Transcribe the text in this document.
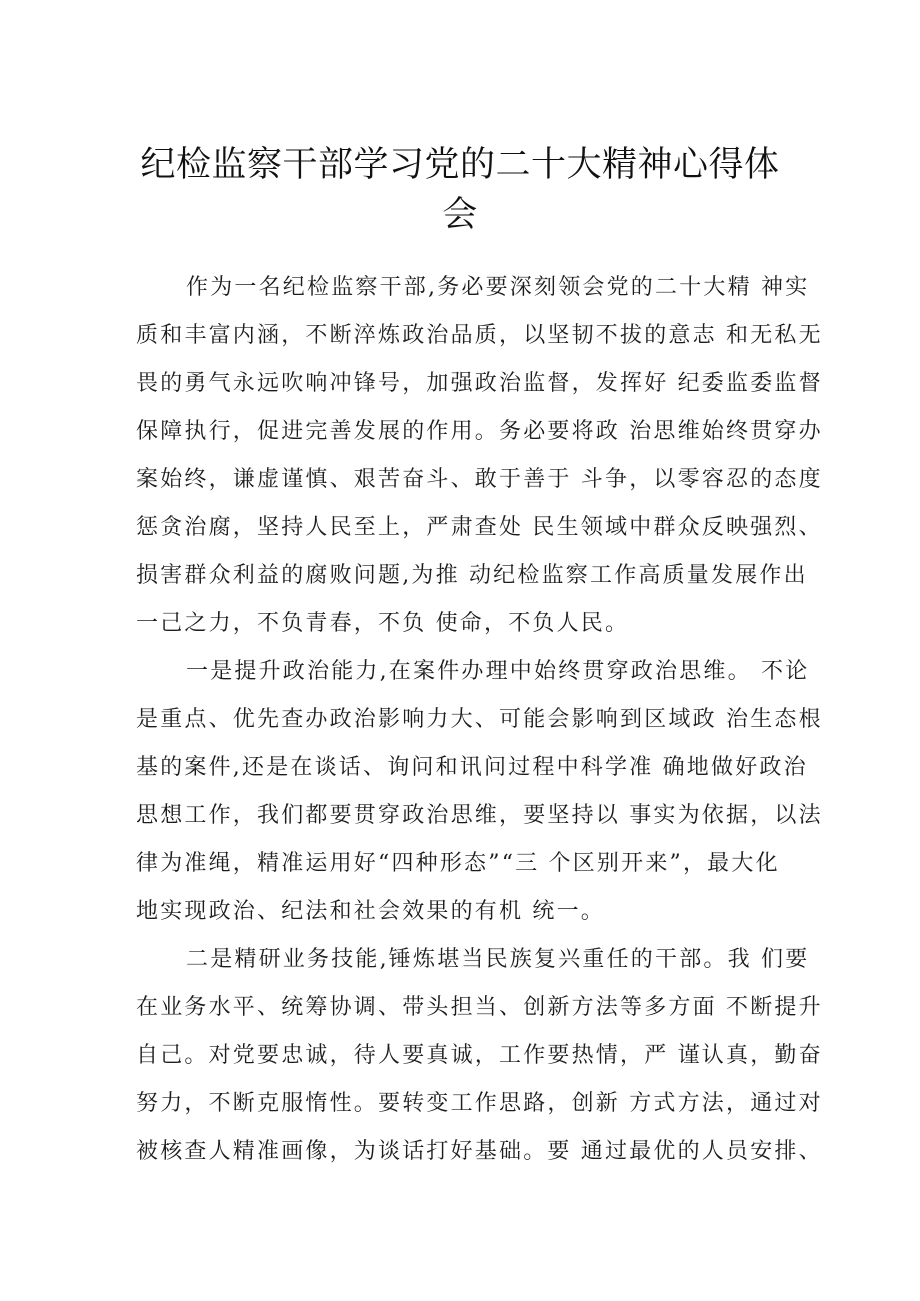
纪检监察干部学习党的二十大精神心得体
会
作为一名纪检监察干部,务必要深刻领会党的二十大精 神实
质和丰富内涵，不断淬炼政治品质，以坚韧不拔的意志 和无私无
畏的勇气永远吹响冲锋号，加强政治监督，发挥好 纪委监委监督
保障执行，促进完善发展的作用。务必要将政 治思维始终贯穿办
案始终，谦虚谨慎、艰苦奋斗、敢于善于 斗争，以零容忍的态度
惩贪治腐，坚持人民至上，严肃查处 民生领域中群众反映强烈、
损害群众利益的腐败问题,为推 动纪检监察工作高质量发展作出
一己之力，不负青春，不负 使命，不负人民。
一是提升政治能力,在案件办理中始终贯穿政治思维。 不论
是重点、优先查办政治影响力大、可能会影响到区域政 治生态根
基的案件,还是在谈话、询问和讯问过程中科学准 确地做好政治
思想工作，我们都要贯穿政治思维，要坚持以 事实为依据，以法
律为准绳，精准运用好“四种形态”“三 个区别开来”，最大化
地实现政治、纪法和社会效果的有机 统一。
二是精研业务技能,锤炼堪当民族复兴重任的干部。我 们要
在业务水平、统筹协调、带头担当、创新方法等多方面 不断提升
自己。对党要忠诚，待人要真诚，工作要热情，严 谨认真，勤奋
努力，不断克服惰性。要转变工作思路，创新 方式方法，通过对
被核查人精准画像，为谈话打好基础。要 通过最优的人员安排、
